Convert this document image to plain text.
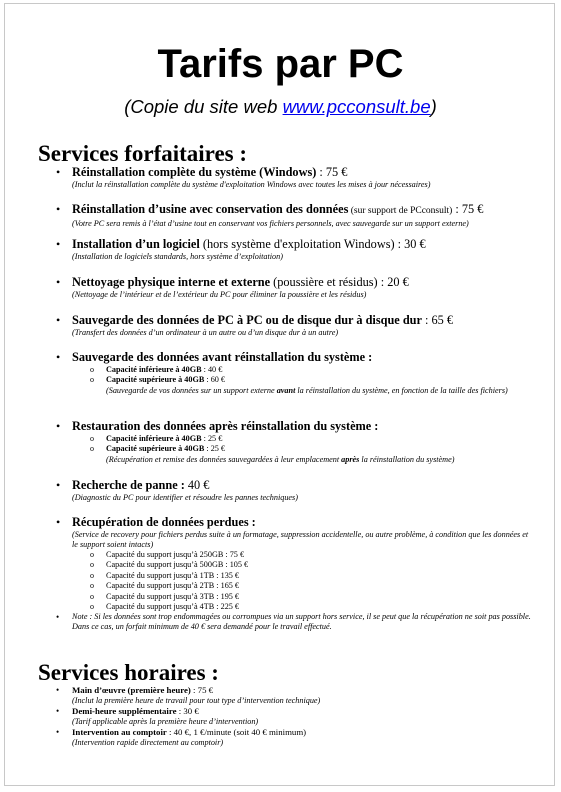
Tarifs par PC
(Copie du site web www.pcconsult.be)
Services forfaitaires :
• Réinstallation complète du système (Windows) : 75 €
(Inclut la réinstallation complète du système d'exploitation Windows avec toutes les mises à jour nécessaires)
• Réinstallation d’usine avec conservation des données (sur support de PCconsult) : 75 €
(Votre PC sera remis à l’état d’usine tout en conservant vos fichiers personnels, avec sauvegarde sur un support externe)
• Installation d’un logiciel (hors système d'exploitation Windows) : 30 €
(Installation de logiciels standards, hors système d’exploitation)
• Nettoyage physique interne et externe (poussière et résidus) : 20 €
(Nettoyage de l’intérieur et de l’extérieur du PC pour éliminer la poussière et les résidus)
• Sauvegarde des données de PC à PC ou de disque dur à disque dur : 65 €
(Transfert des données d’un ordinateur à un autre ou d’un disque dur à un autre)
• Sauvegarde des données avant réinstallation du système :
o Capacité inférieure à 40GB : 40 €
o Capacité supérieure à 40GB : 60 €
(Sauvegarde de vos données sur un support externe avant la réinstallation du système, en fonction de la taille des fichiers)
• Restauration des données après réinstallation du système :
o Capacité inférieure à 40GB : 25 €
o Capacité supérieure à 40GB : 25 €
(Récupération et remise des données sauvegardées à leur emplacement après la réinstallation du système)
• Recherche de panne : 40 €
(Diagnostic du PC pour identifier et résoudre les pannes techniques)
• Récupération de données perdues :
(Service de recovery pour fichiers perdus suite à un formatage, suppression accidentelle, ou autre problème, à condition que les données et le support soient intacts)
o Capacité du support jusqu’à 250GB : 75 €
o Capacité du support jusqu’à 500GB : 105 €
o Capacité du support jusqu’à 1TB : 135 €
o Capacité du support jusqu’à 2TB : 165 €
o Capacité du support jusqu’à 3TB : 195 €
o Capacité du support jusqu’à 4TB : 225 €
• Note : Si les données sont trop endommagées ou corrompues via un support hors service, il se peut que la récupération ne soit pas possible. Dans ce cas, un forfait minimum de 40 € sera demandé pour le travail effectué.
Services horaires :
• Main d’œuvre (première heure) : 75 €
(Inclut la première heure de travail pour tout type d’intervention technique)
• Demi-heure supplémentaire : 30 €
(Tarif applicable après la première heure d’intervention)
• Intervention au comptoir : 40 €, 1 €/minute (soit 40 € minimum)
(Intervention rapide directement au comptoir)
